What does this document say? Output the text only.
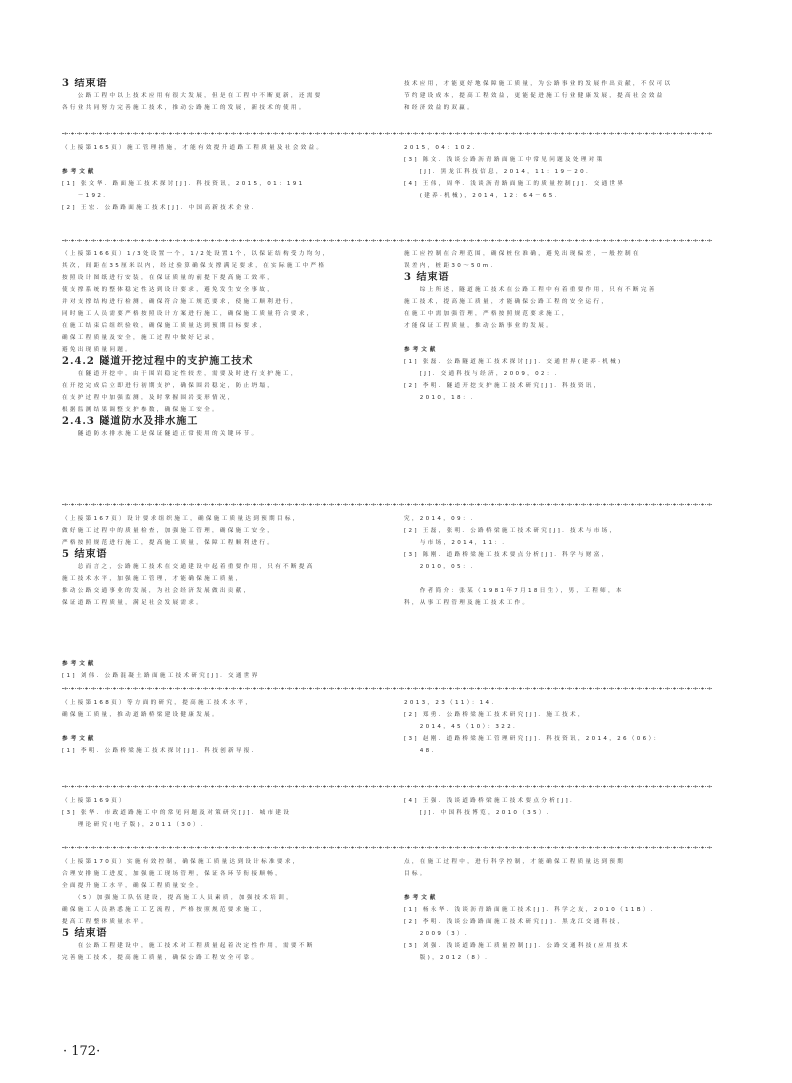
3 结束语
　　公路工程中以上技术应用有很大发展，但是在工程中不断更新，还需要
各行业共同努力完善施工技术，推动公路施工的发展，新技术的使用。
技术应用，才能更好地保障施工质量，为公路事业的发展作出贡献，不仅可以
节约建设成本，提高工程效益，更能促进施工行业健康发展，提高社会效益
和经济效益的双赢。
（上接第165页）施工管理措施，才能有效提升道路工程质量及社会效益。
参考文献
[1] 张文华．路面施工技术探讨[J]．科技资讯，2015，01：191
　　－192.
[2] 王宏．公路路面施工技术[J]．中国高新技术企业．
2015，04：102.
[3] 陈文．浅谈公路沥青路面施工中常见问题及处理对策
　　[J]．黑龙江科技信息，2014，11：19－20.
[4] 王伟，周华．浅谈沥青路面施工的质量控制[J]．交通世界
　　(建养·机械)，2014，12：64－65.
（上接第166页）1/3处设置一个，1/2处设置1个，以保证结构受力均匀，
其次，间距在35厘米以内，经过验算确保支撑满足要求，在实际施工中严格
按照设计图纸进行安装，在保证质量的前提下提高施工效率，
使支撑系统的整体稳定性达到设计要求，避免发生安全事故，
并对支撑结构进行检测，确保符合施工规范要求，使施工顺利进行，
同时施工人员需要严格按照设计方案进行施工，确保施工质量符合要求，
在施工结束后组织验收，确保施工质量达到预期目标要求，
确保工程质量及安全，施工过程中做好记录，
避免出现质量问题。
2.4.2 隧道开挖过程中的支护施工技术
　　在隧道开挖中，由于围岩稳定性较差，需要及时进行支护施工，
在开挖完成后立即进行初期支护，确保围岩稳定，防止坍塌，
在支护过程中加强监测，及时掌握围岩变形情况，
根据监测结果调整支护参数，确保施工安全。
2.4.3 隧道防水及排水施工
　　隧道防水排水施工是保证隧道正常使用的关键环节。
施工应控制在合理范围，确保桩位准确，避免出现偏差，一般控制在
误差内，桩距30～50m.
3 结束语
　　综上所述，隧道施工技术在公路工程中有着重要作用，只有不断完善
施工技术，提高施工质量，才能确保公路工程的安全运行，
在施工中需加强管理，严格按照规范要求施工，
才能保证工程质量，推动公路事业的发展。
参考文献
[1] 张磊．公路隧道施工技术探讨[J]．交通世界(建养·机械)
　　[J]．交通科技与经济，2009，02：.
[2] 李明．隧道开挖支护施工技术研究[J]．科技资讯，
　　2010，18：.
（上接第167页）设计要求组织施工，确保施工质量达到预期目标，
做好施工过程中的质量检查，加强施工管理，确保施工安全，
严格按照规范进行施工，提高施工质量，保障工程顺利进行。
5 结束语
　　总而言之，公路施工技术在交通建设中起着重要作用，只有不断提高
施工技术水平，加强施工管理，才能确保施工质量，
推动公路交通事业的发展，为社会经济发展做出贡献，
保证道路工程质量，满足社会发展需求。
究，2014，09：.
[2] 王磊，张明．公路桥梁施工技术研究[J]．技术与市场，
　　与市场，2014，11：.
[3] 陈刚．道路桥梁施工技术要点分析[J]．科学与财富，
　　2010，05：.
　　作者简介：张某（1981年7月18日生），男，工程师，本
科，从事工程管理及施工技术工作。
参考文献
[1] 刘伟．公路混凝土路面施工技术研究[J]．交通世界
（上接第168页）等方面的研究，提高施工技术水平，
确保施工质量，推动道路桥梁建设健康发展。
参考文献
[1] 李明．公路桥梁施工技术探讨[J]．科技创新导报．
2013，23（11）：14.
[2] 郑勇．公路桥梁施工技术研究[J]．施工技术，
　　2014，45（10）：322.
[3] 赵刚．道路桥梁施工管理研究[J]．科技资讯，2014，26（06）：
　　48.
（上接第169页）
[3] 张华．市政道路施工中的常见问题及对策研究[J]．城市建设
　　理论研究(电子版)，2011（30）.
[4] 王强．浅谈道路桥梁施工技术要点分析[J]．
　　[J]．中国科技博览，2010（35）.
（上接第170页）实施有效控制，确保施工质量达到设计标准要求，
合理安排施工进度，加强施工现场管理，保证各环节衔接顺畅，
全面提升施工水平，确保工程质量安全。
　　（5）加强施工队伍建设，提高施工人员素质，加强技术培训，
确保施工人员熟悉施工工艺流程，严格按照规范要求施工，
提高工程整体质量水平。
5 结束语
　　在公路工程建设中，施工技术对工程质量起着决定性作用，需要不断
完善施工技术，提高施工质量，确保公路工程安全可靠。
点，在施工过程中，进行科学控制，才能确保工程质量达到预期
目标。
参考文献
[1] 杨永华．浅谈沥青路面施工技术[J]．科学之友，2010（11B）.
[2] 李明．浅谈公路路面施工技术研究[J]．黑龙江交通科技，
　　2009（3）.
[3] 刘强．浅谈道路施工质量控制[J]．公路交通科技(应用技术
　　版)，2012（8）.
· 172·
